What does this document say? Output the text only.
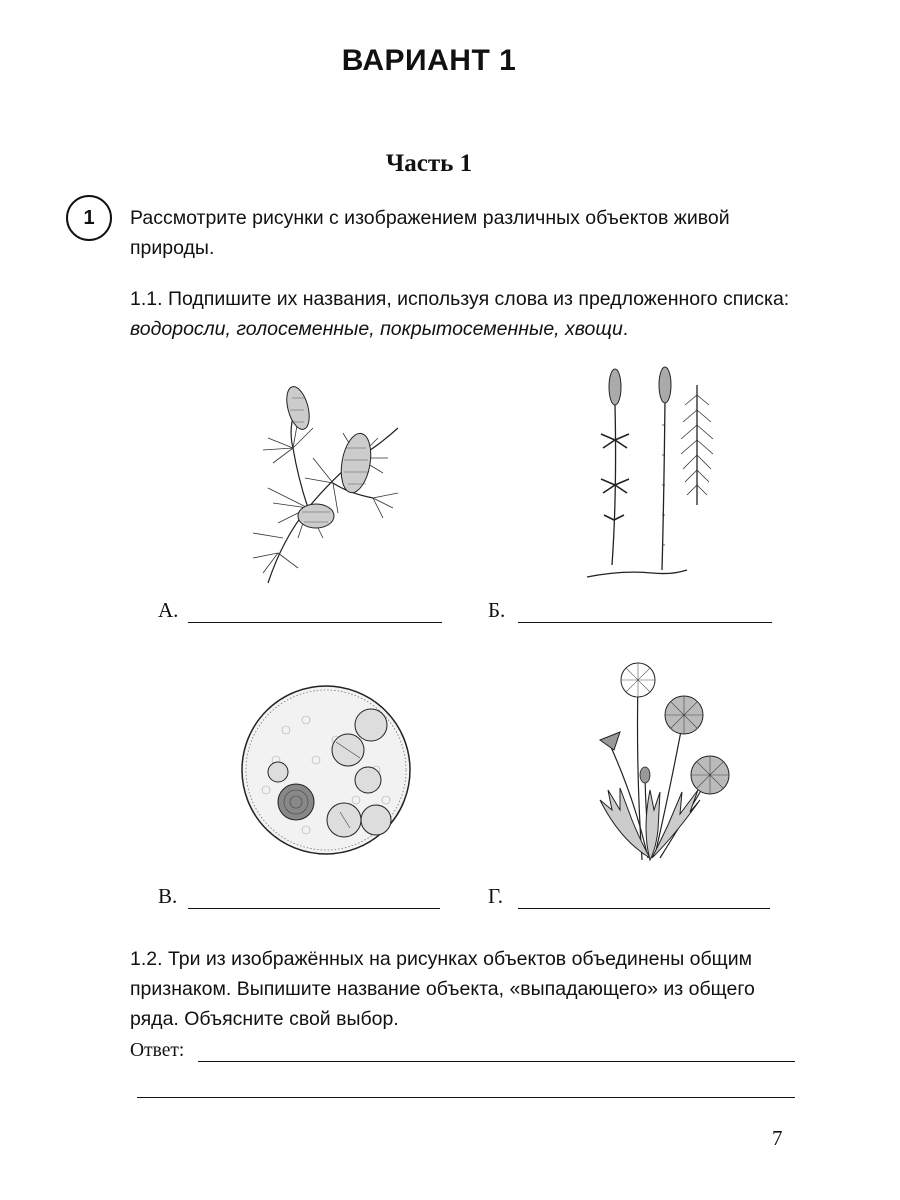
ВАРИАНТ 1
Часть 1
1 Рассмотрите рисунки с изображением различных объектов живой природы.
1.1. Подпишите их названия, используя слова из предложенного списка: водоросли, голосеменные, покрытосеменные, хвощи.
А.	Б.
В.	Г.
1.2. Три из изображённых на рисунках объектов объединены общим признаком. Выпишите название объекта, «выпадающего» из общего ряда. Объясните свой выбор.
Ответ:
7
